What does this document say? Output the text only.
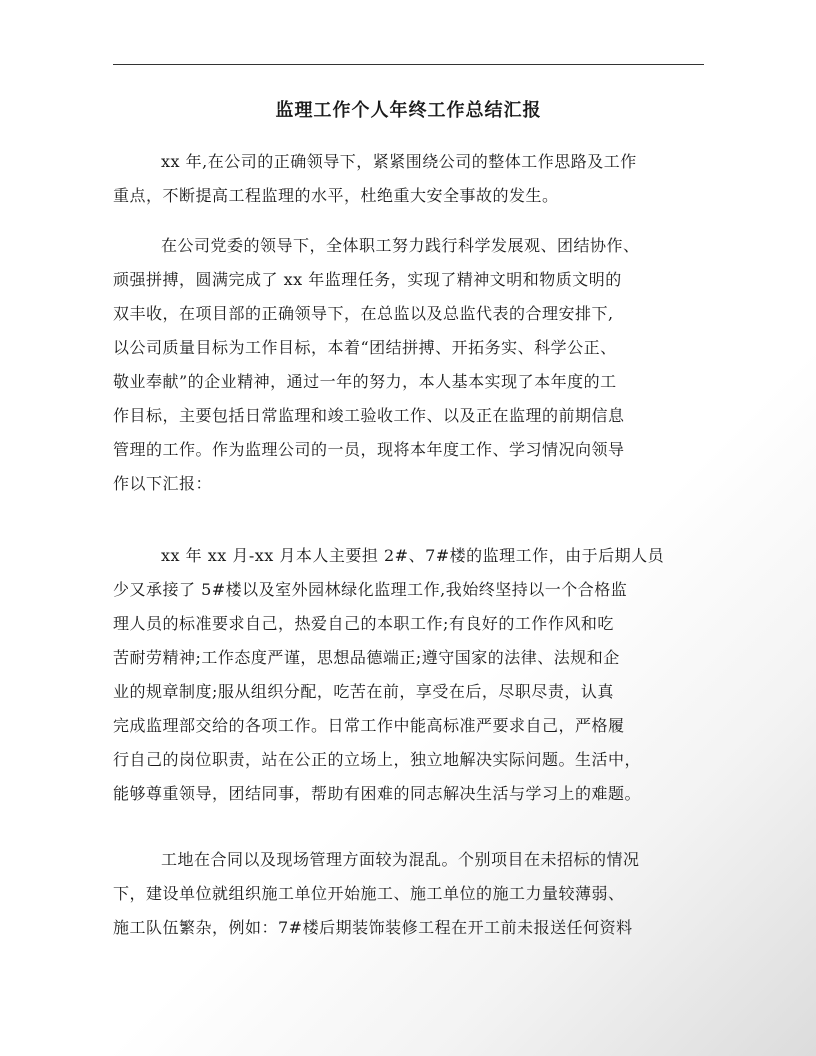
监理工作个人年终工作总结汇报
xx 年,在公司的正确领导下，紧紧围绕公司的整体工作思路及工作
重点，不断提高工程监理的水平，杜绝重大安全事故的发生。
在公司党委的领导下，全体职工努力践行科学发展观、团结协作、
顽强拼搏，圆满完成了 xx 年监理任务，实现了精神文明和物质文明的
双丰收，在项目部的正确领导下，在总监以及总监代表的合理安排下,
以公司质量目标为工作目标，本着“团结拼搏、开拓务实、科学公正、
敬业奉献”的企业精神，通过一年的努力，本人基本实现了本年度的工
作目标，主要包括日常监理和竣工验收工作、以及正在监理的前期信息
管理的工作。作为监理公司的一员，现将本年度工作、学习情况向领导
作以下汇报：
xx 年 xx 月-xx 月本人主要担 2#、7#楼的监理工作，由于后期人员
少又承接了 5#楼以及室外园林绿化监理工作,我始终坚持以一个合格监
理人员的标准要求自己，热爱自己的本职工作;有良好的工作作风和吃
苦耐劳精神;工作态度严谨，思想品德端正;遵守国家的法律、法规和企
业的规章制度;服从组织分配，吃苦在前，享受在后，尽职尽责，认真
完成监理部交给的各项工作。日常工作中能高标准严要求自己，严格履
行自己的岗位职责，站在公正的立场上，独立地解决实际问题。生活中，
能够尊重领导，团结同事，帮助有困难的同志解决生活与学习上的难题。
工地在合同以及现场管理方面较为混乱。个别项目在未招标的情况
下，建设单位就组织施工单位开始施工、施工单位的施工力量较薄弱、
施工队伍繁杂，例如：7#楼后期装饰装修工程在开工前未报送任何资料
